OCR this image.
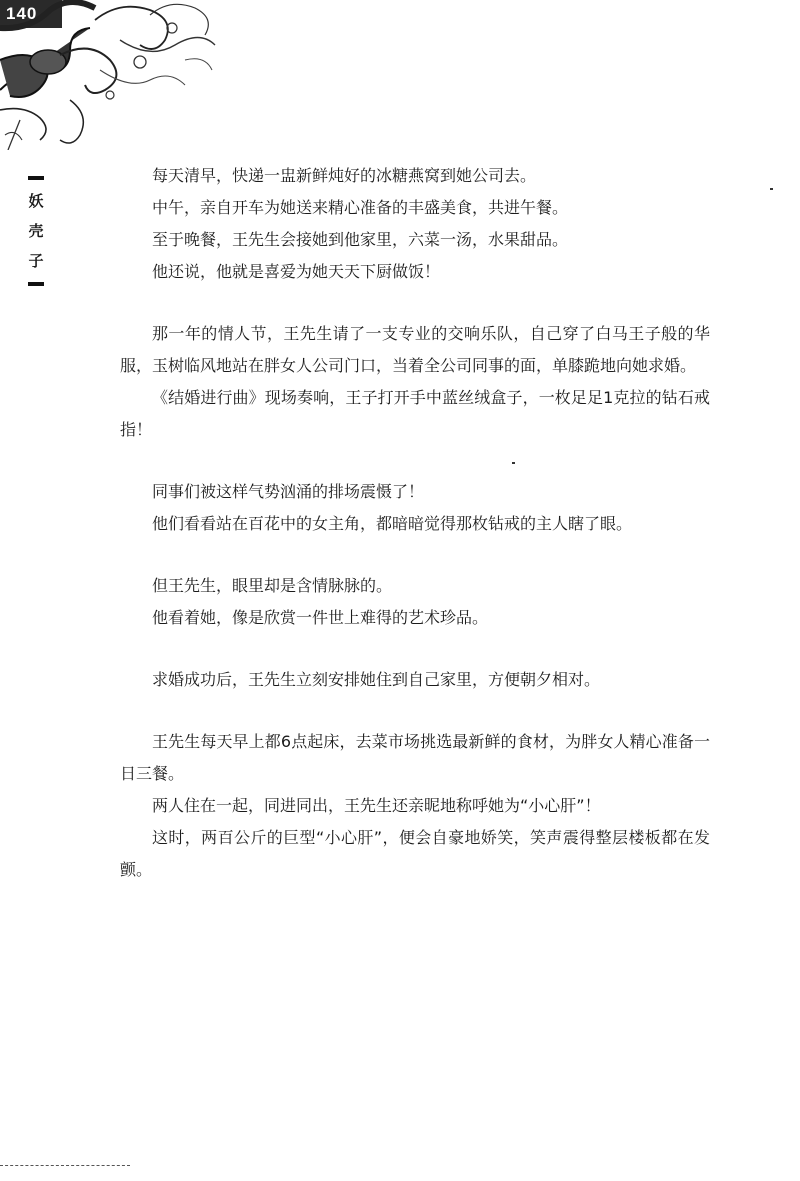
140
妖
壳
子

每天清早，快递一盅新鲜炖好的冰糖燕窝到她公司去。

中午，亲自开车为她送来精心准备的丰盛美食，共进午餐。

至于晚餐，王先生会接她到他家里，六菜一汤，水果甜品。

他还说，他就是喜爱为她天天下厨做饭！

那一年的情人节，王先生请了一支专业的交响乐队，自己穿了白马王子般的华服，玉树临风地站在胖女人公司门口，当着全公司同事的面，单膝跪地向她求婚。

《结婚进行曲》现场奏响，王子打开手中蓝丝绒盒子，一枚足足1克拉的钻石戒指！

同事们被这样气势汹涌的排场震慑了！

他们看看站在百花中的女主角，都暗暗觉得那枚钻戒的主人瞎了眼。

但王先生，眼里却是含情脉脉的。

他看着她，像是欣赏一件世上难得的艺术珍品。

求婚成功后，王先生立刻安排她住到自己家里，方便朝夕相对。

王先生每天早上都6点起床，去菜市场挑选最新鲜的食材，为胖女人精心准备一日三餐。

两人住在一起，同进同出，王先生还亲昵地称呼她为“小心肝”！

这时，两百公斤的巨型“小心肝”，便会自豪地娇笑，笑声震得整层楼板都在发颤。
